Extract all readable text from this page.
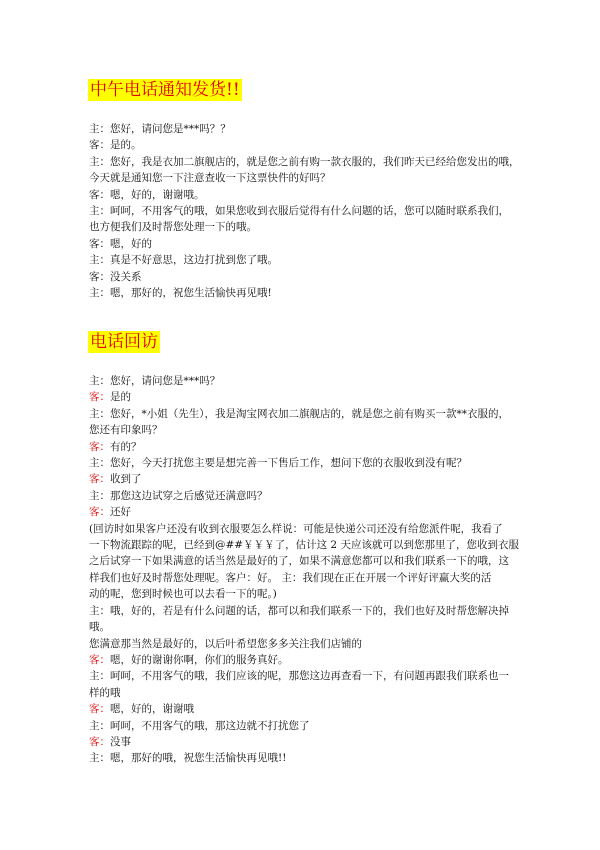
中午电话通知发货!!
主：您好，请问您是***吗？？
客：是的。
主：您好，我是衣加二旗舰店的，就是您之前有购一款衣服的，我们昨天已经给您发出的哦，
今天就是通知您一下注意查收一下这票快件的好吗？
客：嗯，好的，谢谢哦。
主：呵呵，不用客气的哦，如果您收到衣服后觉得有什么问题的话，您可以随时联系我们，
也方便我们及时帮您处理一下的哦。
客：嗯，好的
主：真是不好意思，这边打扰到您了哦。
客：没关系
主：嗯，那好的，祝您生活愉快再见哦!
电话回访
主：您好，请问您是***吗？
客：是的
主：您好，*小姐（先生），我是淘宝网衣加二旗舰店的，就是您之前有购买一款**衣服的，
您还有印象吗？
客：有的？
主：您好，今天打扰您主要是想完善一下售后工作，想问下您的衣服收到没有呢？
客：收到了
主：那您这边试穿之后感觉还满意吗？
客：还好
(回访时如果客户还没有收到衣服要怎么样说：可能是快递公司还没有给您派件呢，我看了
一下物流跟踪的呢，已经到@##￥￥￥了，估计这 2 天应该就可以到您那里了，您收到衣服
之后试穿一下如果满意的话当然是最好的了，如果不满意您都可以和我们联系一下的哦，这
样我们也好及时帮您处理呢。客户：好。 主：我们现在正在开展一个评好评赢大奖的活
动的呢，您到时候也可以去看一下的呢。)
主：哦，好的，若是有什么问题的话，都可以和我们联系一下的，我们也好及时帮您解决掉
哦。
您满意那当然是最好的，以后叶希望您多多关注我们店铺的
客：嗯，好的谢谢你啊，你们的服务真好。
主：呵呵，不用客气的哦，我们应该的呢，那您这边再查看一下，有问题再跟我们联系也一
样的哦
客：嗯，好的，谢谢哦
主：呵呵，不用客气的哦，那这边就不打扰您了
客：没事
主：嗯，那好的哦，祝您生活愉快再见哦!!
